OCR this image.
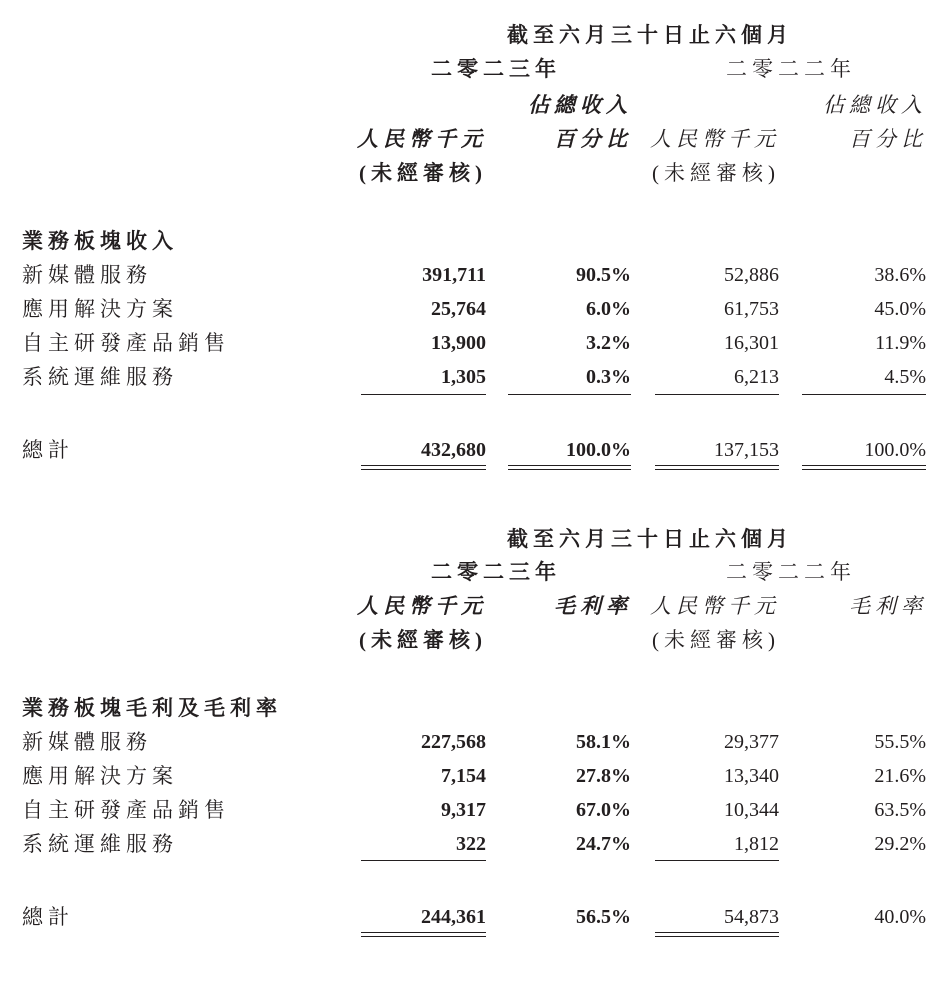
截至六月三十日止六個月
二零二三年	二零二二年
佔總收入	佔總收入
人民幣千元	百分比 人民幣千元	百分比
(未經審核)	(未經審核)
業務板塊收入
新媒體服務	391,711	90.5%	52,886	38.6%
應用解決方案	25,764	6.0%	61,753	45.0%
自主研發產品銷售	13,900	3.2%	16,301	11.9%
系統運維服務	1,305	0.3%	6,213	4.5%
總計	432,680	100.0%	137,153	100.0%
截至六月三十日止六個月
二零二三年	二零二二年
人民幣千元	毛利率 人民幣千元	毛利率
(未經審核)	(未經審核)
業務板塊毛利及毛利率
新媒體服務	227,568	58.1%	29,377	55.5%
應用解決方案	7,154	27.8%	13,340	21.6%
自主研發產品銷售	9,317	67.0%	10,344	63.5%
系統運維服務	322	24.7%	1,812	29.2%
總計	244,361	56.5%	54,873	40.0%
